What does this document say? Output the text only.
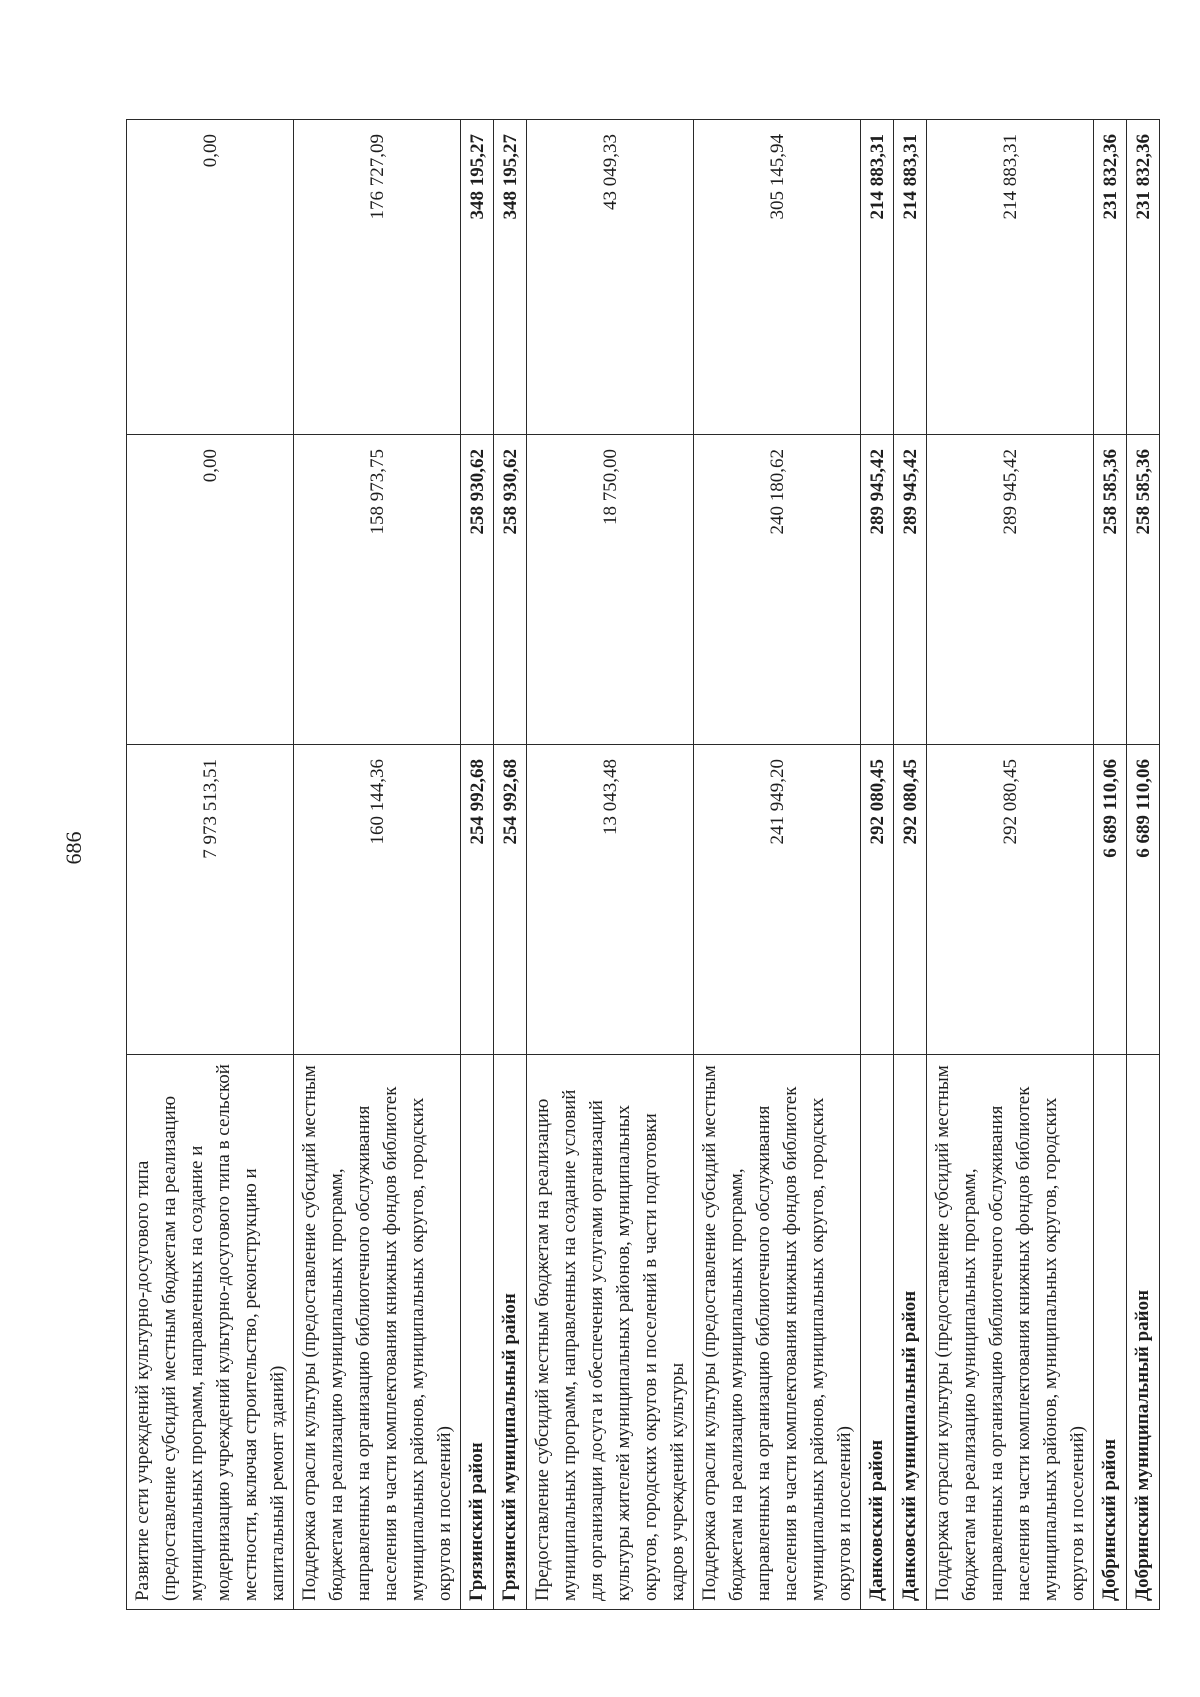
686
Развитие сети учреждений культурно-досугового типа (предоставление субсидий местным бюджетам на реализацию муниципальных программ, направленных на создание и модернизацию учреждений культурно-досугового типа в сельской местности, включая строительство, реконструкцию и капитальный ремонт зданий)	7 973 513,51	0,00	0,00
Поддержка отрасли культуры (предоставление субсидий местным бюджетам на реализацию муниципальных программ, направленных на организацию библиотечного обслуживания населения в части комплектования книжных фондов библиотек муниципальных районов, муниципальных округов, городских округов и поселений)	160 144,36	158 973,75	176 727,09
Грязинский район	254 992,68	258 930,62	348 195,27
Грязинский муниципальный район	254 992,68	258 930,62	348 195,27
Предоставление субсидий местным бюджетам на реализацию муниципальных программ, направленных на создание условий для организации досуга и обеспечения услугами организаций культуры жителей муниципальных районов, муниципальных округов, городских округов и поселений в части подготовки кадров учреждений культуры	13 043,48	18 750,00	43 049,33
Поддержка отрасли культуры (предоставление субсидий местным бюджетам на реализацию муниципальных программ, направленных на организацию библиотечного обслуживания населения в части комплектования книжных фондов библиотек муниципальных районов, муниципальных округов, городских округов и поселений)	241 949,20	240 180,62	305 145,94
Данковский район	292 080,45	289 945,42	214 883,31
Данковский муниципальный район	292 080,45	289 945,42	214 883,31
Поддержка отрасли культуры (предоставление субсидий местным бюджетам на реализацию муниципальных программ, направленных на организацию библиотечного обслуживания населения в части комплектования книжных фондов библиотек муниципальных районов, муниципальных округов, городских округов и поселений)	292 080,45	289 945,42	214 883,31
Добринский район	6 689 110,06	258 585,36	231 832,36
Добринский муниципальный район	6 689 110,06	258 585,36	231 832,36
